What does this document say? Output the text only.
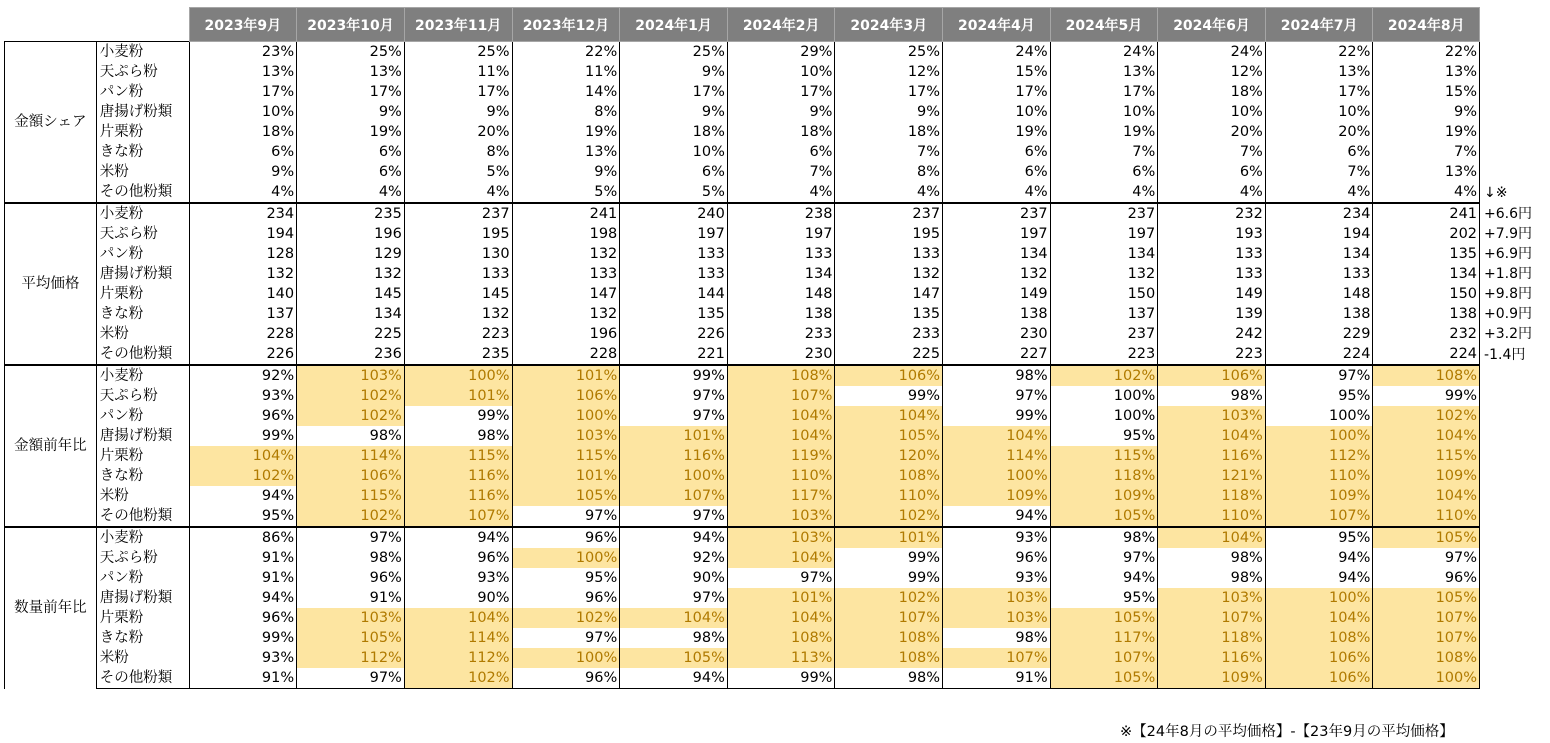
		2023年9月	2023年10月	2023年11月	2023年12月	2024年1月	2024年2月	2024年3月	2024年4月	2024年5月	2024年6月	2024年7月	2024年8月	
金額シェア	小麦粉	23%	25%	25%	22%	25%	29%	25%	24%	24%	24%	22%	22%	
	天ぷら粉	13%	13%	11%	11%	9%	10%	12%	15%	13%	12%	13%	13%	
	パン粉	17%	17%	17%	14%	17%	17%	17%	17%	17%	18%	17%	15%	
	唐揚げ粉類	10%	9%	9%	8%	9%	9%	9%	10%	10%	10%	10%	9%	
	片栗粉	18%	19%	20%	19%	18%	18%	18%	19%	19%	20%	20%	19%	
	きな粉	6%	6%	8%	13%	10%	6%	7%	6%	7%	7%	6%	7%	
	米粉	9%	6%	5%	9%	6%	7%	8%	6%	6%	6%	7%	13%	
	その他粉類	4%	4%	4%	5%	5%	4%	4%	4%	4%	4%	4%	4%	↓※
平均価格	小麦粉	234	235	237	241	240	238	237	237	237	232	234	241	+6.6円
	天ぷら粉	194	196	195	198	197	197	195	197	197	193	194	202	+7.9円
	パン粉	128	129	130	132	133	133	133	134	134	133	134	135	+6.9円
	唐揚げ粉類	132	132	133	133	133	134	132	132	132	133	133	134	+1.8円
	片栗粉	140	145	145	147	144	148	147	149	150	149	148	150	+9.8円
	きな粉	137	134	132	132	135	138	135	138	137	139	138	138	+0.9円
	米粉	228	225	223	196	226	233	233	230	237	242	229	232	+3.2円
	その他粉類	226	236	235	228	221	230	225	227	223	223	224	224	-1.4円
金額前年比	小麦粉	92%	103%	100%	101%	99%	108%	106%	98%	102%	106%	97%	108%	
	天ぷら粉	93%	102%	101%	106%	97%	107%	99%	97%	100%	98%	95%	99%	
	パン粉	96%	102%	99%	100%	97%	104%	104%	99%	100%	103%	100%	102%	
	唐揚げ粉類	99%	98%	98%	103%	101%	104%	105%	104%	95%	104%	100%	104%	
	片栗粉	104%	114%	115%	115%	116%	119%	120%	114%	115%	116%	112%	115%	
	きな粉	102%	106%	116%	101%	100%	110%	108%	100%	118%	121%	110%	109%	
	米粉	94%	115%	116%	105%	107%	117%	110%	109%	109%	118%	109%	104%	
	その他粉類	95%	102%	107%	97%	97%	103%	102%	94%	105%	110%	107%	110%	
数量前年比	小麦粉	86%	97%	94%	96%	94%	103%	101%	93%	98%	104%	95%	105%	
	天ぷら粉	91%	98%	96%	100%	92%	104%	99%	96%	97%	98%	94%	97%	
	パン粉	91%	96%	93%	95%	90%	97%	99%	93%	94%	98%	94%	96%	
	唐揚げ粉類	94%	91%	90%	96%	97%	101%	102%	103%	95%	103%	100%	105%	
	片栗粉	96%	103%	104%	102%	104%	104%	107%	103%	105%	107%	104%	107%	
	きな粉	99%	105%	114%	97%	98%	108%	108%	98%	117%	118%	108%	107%	
	米粉	93%	112%	112%	100%	105%	113%	108%	107%	107%	116%	106%	108%	
	その他粉類	91%	97%	102%	96%	94%	99%	98%	91%	105%	109%	106%	100%	
※【24年8月の平均価格】-【23年9月の平均価格】
